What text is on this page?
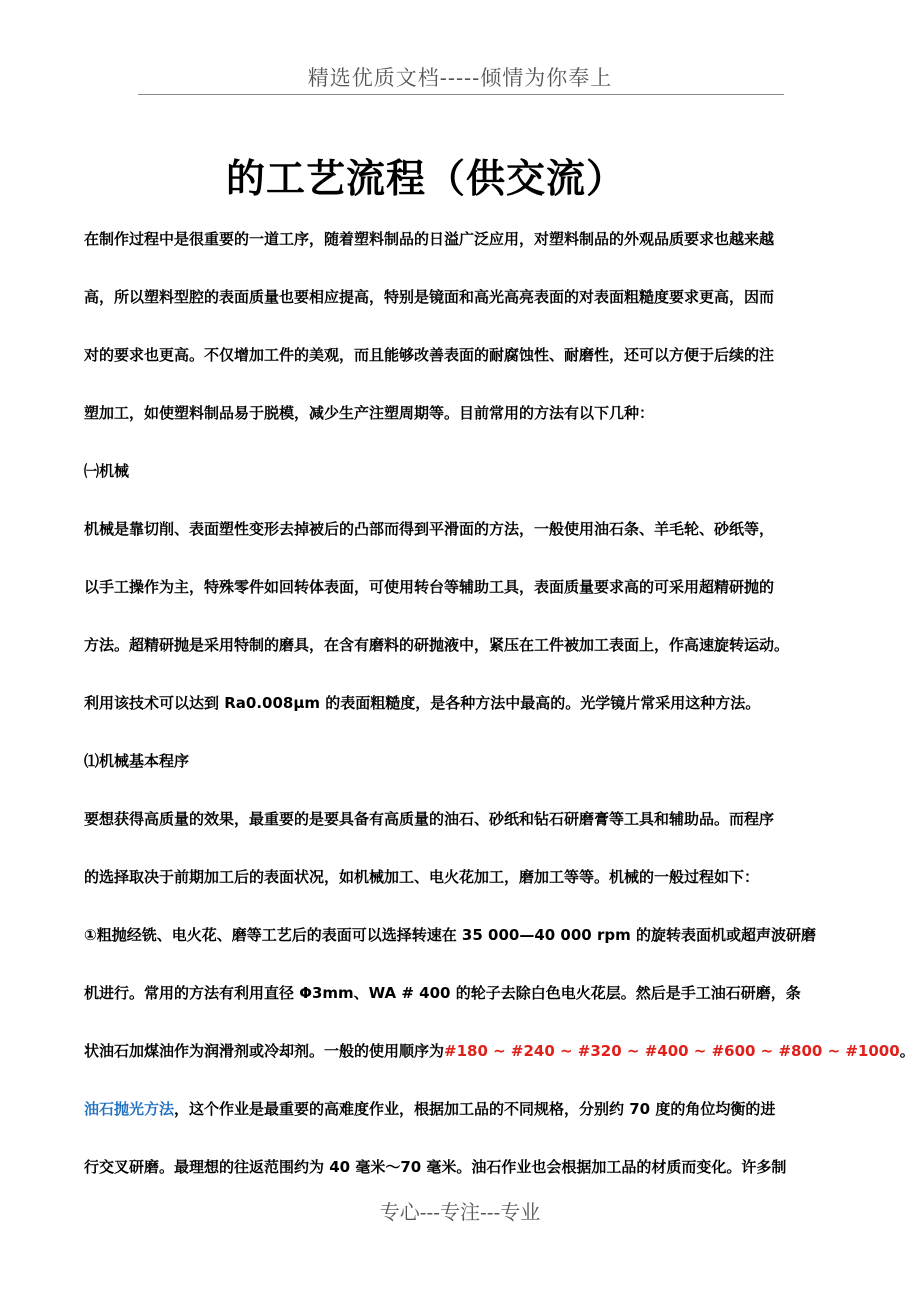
精选优质文档-----倾情为你奉上
的工艺流程（供交流）
在制作过程中是很重要的一道工序，随着塑料制品的日溢广泛应用，对塑料制品的外观品质要求也越来越
高，所以塑料型腔的表面质量也要相应提高，特别是镜面和高光高亮表面的对表面粗糙度要求更高，因而
对的要求也更高。不仅增加工件的美观，而且能够改善表面的耐腐蚀性、耐磨性，还可以方便于后续的注
塑加工，如使塑料制品易于脱模，减少生产注塑周期等。目前常用的方法有以下几种：
㈠机械
机械是靠切削、表面塑性变形去掉被后的凸部而得到平滑面的方法，一般使用油石条、羊毛轮、砂纸等，
以手工操作为主，特殊零件如回转体表面，可使用转台等辅助工具，表面质量要求高的可采用超精研抛的
方法。超精研抛是采用特制的磨具，在含有磨料的研抛液中，紧压在工件被加工表面上，作高速旋转运动。
利用该技术可以达到 Ra0.008μm 的表面粗糙度，是各种方法中最高的。光学镜片常采用这种方法。
⑴机械基本程序
要想获得高质量的效果，最重要的是要具备有高质量的油石、砂纸和钻石研磨膏等工具和辅助品。而程序
的选择取决于前期加工后的表面状况，如机械加工、电火花加工，磨加工等等。机械的一般过程如下：
①粗抛经铣、电火花、磨等工艺后的表面可以选择转速在 35 000—40 000 rpm 的旋转表面机或超声波研磨
机进行。常用的方法有利用直径 Φ3mm、WA # 400 的轮子去除白色电火花层。然后是手工油石研磨，条
状油石加煤油作为润滑剂或冷却剂。一般的使用顺序为#180 ~ #240 ~ #320 ~ #400 ~ #600 ~ #800 ~ #1000。
油石抛光方法，这个作业是最重要的高难度作业，根据加工品的不同规格，分别约 70 度的角位均衡的进
行交叉研磨。最理想的往返范围约为 40 毫米～70 毫米。油石作业也会根据加工品的材质而变化。许多制
专心---专注---专业
